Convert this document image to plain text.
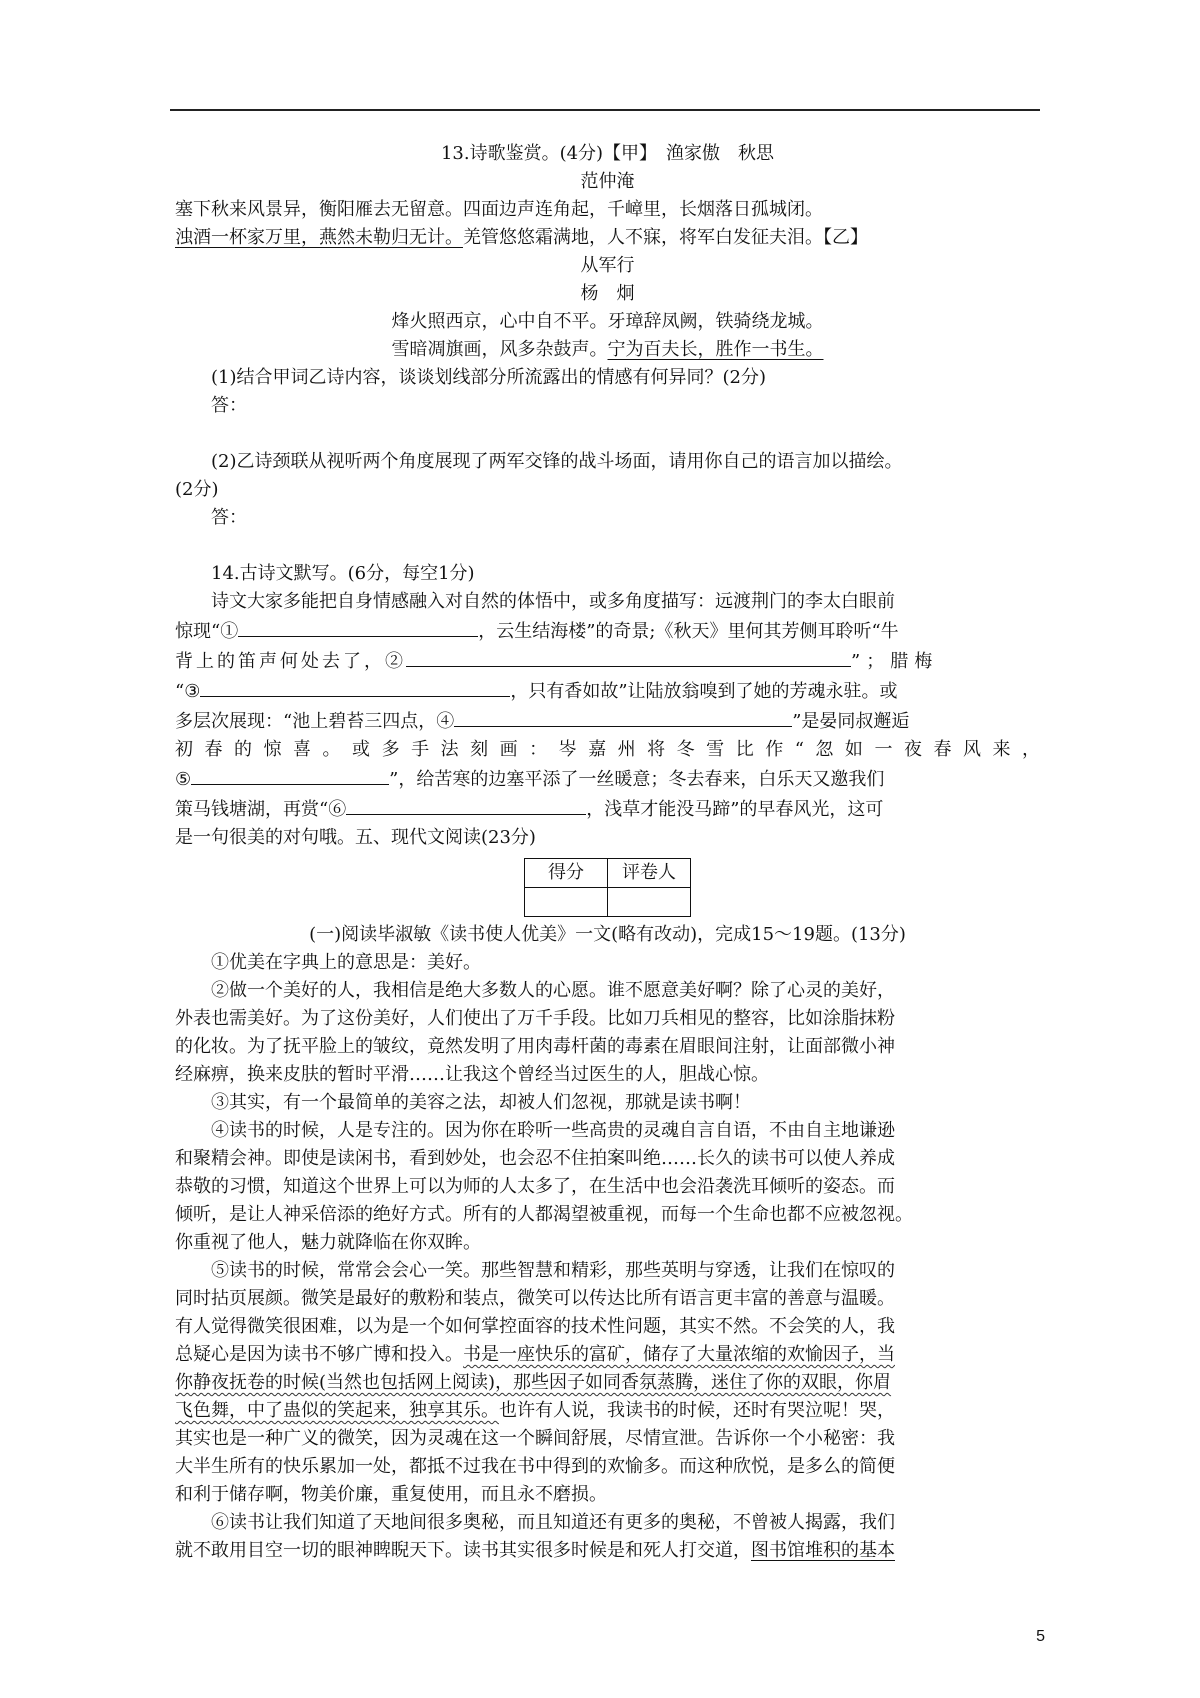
13.诗歌鉴赏。(4分)【甲】　渔家傲　秋思
范仲淹
塞下秋来风景异，衡阳雁去无留意。四面边声连角起，千嶂里，长烟落日孤城闭。
浊酒一杯家万里，燕然未勒归无计。羌管悠悠霜满地，人不寐，将军白发征夫泪。【乙】
从军行
杨　炯
烽火照西京，心中自不平。牙璋辞凤阙，铁骑绕龙城。
雪暗凋旗画，风多杂鼓声。宁为百夫长，胜作一书生。
(1)结合甲词乙诗内容，谈谈划线部分所流露出的情感有何异同？(2分)
答：
(2)乙诗颈联从视听两个角度展现了两军交锋的战斗场面，请用你自己的语言加以描绘。
(2分)
答：
14.古诗文默写。(6分，每空1分)
诗文大家多能把自身情感融入对自然的体悟中，或多角度描写：远渡荆门的李太白眼前
惊现“①	，云生结海楼”的奇景;《秋天》里何其芳侧耳聆听“牛
背上的笛声何处去了，②	”；腊梅
“③	，只有香如故”让陆放翁嗅到了她的芳魂永驻。或
多层次展现：“池上碧苔三四点，④	”是晏同叔邂逅
初春的惊喜。或多手法刻画：岑嘉州将冬雪比作“忽如一夜春风来，
⑤	”，给苦寒的边塞平添了一丝暖意；冬去春来，白乐天又邀我们
策马钱塘湖，再赏“⑥	，浅草才能没马蹄”的早春风光，这可
是一句很美的对句哦。五、现代文阅读(23分)
得分	评卷人

(一)阅读毕淑敏《读书使人优美》一文(略有改动)，完成15～19题。(13分)
①优美在字典上的意思是：美好。
②做一个美好的人，我相信是绝大多数人的心愿。谁不愿意美好啊？除了心灵的美好，
外表也需美好。为了这份美好，人们使出了万千手段。比如刀兵相见的整容，比如涂脂抹粉
的化妆。为了抚平脸上的皱纹，竟然发明了用肉毒杆菌的毒素在眉眼间注射，让面部微小神
经麻痹，换来皮肤的暂时平滑……让我这个曾经当过医生的人，胆战心惊。
③其实，有一个最简单的美容之法，却被人们忽视，那就是读书啊！
④读书的时候，人是专注的。因为你在聆听一些高贵的灵魂自言自语，不由自主地谦逊
和聚精会神。即使是读闲书，看到妙处，也会忍不住拍案叫绝……长久的读书可以使人养成
恭敬的习惯，知道这个世界上可以为师的人太多了，在生活中也会沿袭洗耳倾听的姿态。而
倾听，是让人神采倍添的绝好方式。所有的人都渴望被重视，而每一个生命也都不应被忽视。
你重视了他人，魅力就降临在你双眸。
⑤读书的时候，常常会会心一笑。那些智慧和精彩，那些英明与穿透，让我们在惊叹的
同时拈页展颜。微笑是最好的敷粉和装点，微笑可以传达比所有语言更丰富的善意与温暖。
有人觉得微笑很困难，以为是一个如何掌控面容的技术性问题，其实不然。不会笑的人，我
总疑心是因为读书不够广博和投入。书是一座快乐的富矿，储存了大量浓缩的欢愉因子，当
你静夜抚卷的时候(当然也包括网上阅读)，那些因子如同香氛蒸腾，迷住了你的双眼，你眉
飞色舞，中了蛊似的笑起来，独享其乐。也许有人说，我读书的时候，还时有哭泣呢！哭，
其实也是一种广义的微笑，因为灵魂在这一个瞬间舒展，尽情宣泄。告诉你一个小秘密：我
大半生所有的快乐累加一处，都抵不过我在书中得到的欢愉多。而这种欣悦，是多么的简便
和利于储存啊，物美价廉，重复使用，而且永不磨损。
⑥读书让我们知道了天地间很多奥秘，而且知道还有更多的奥秘，不曾被人揭露，我们
就不敢用目空一切的眼神睥睨天下。读书其实很多时候是和死人打交道，图书馆堆积的基本
5
